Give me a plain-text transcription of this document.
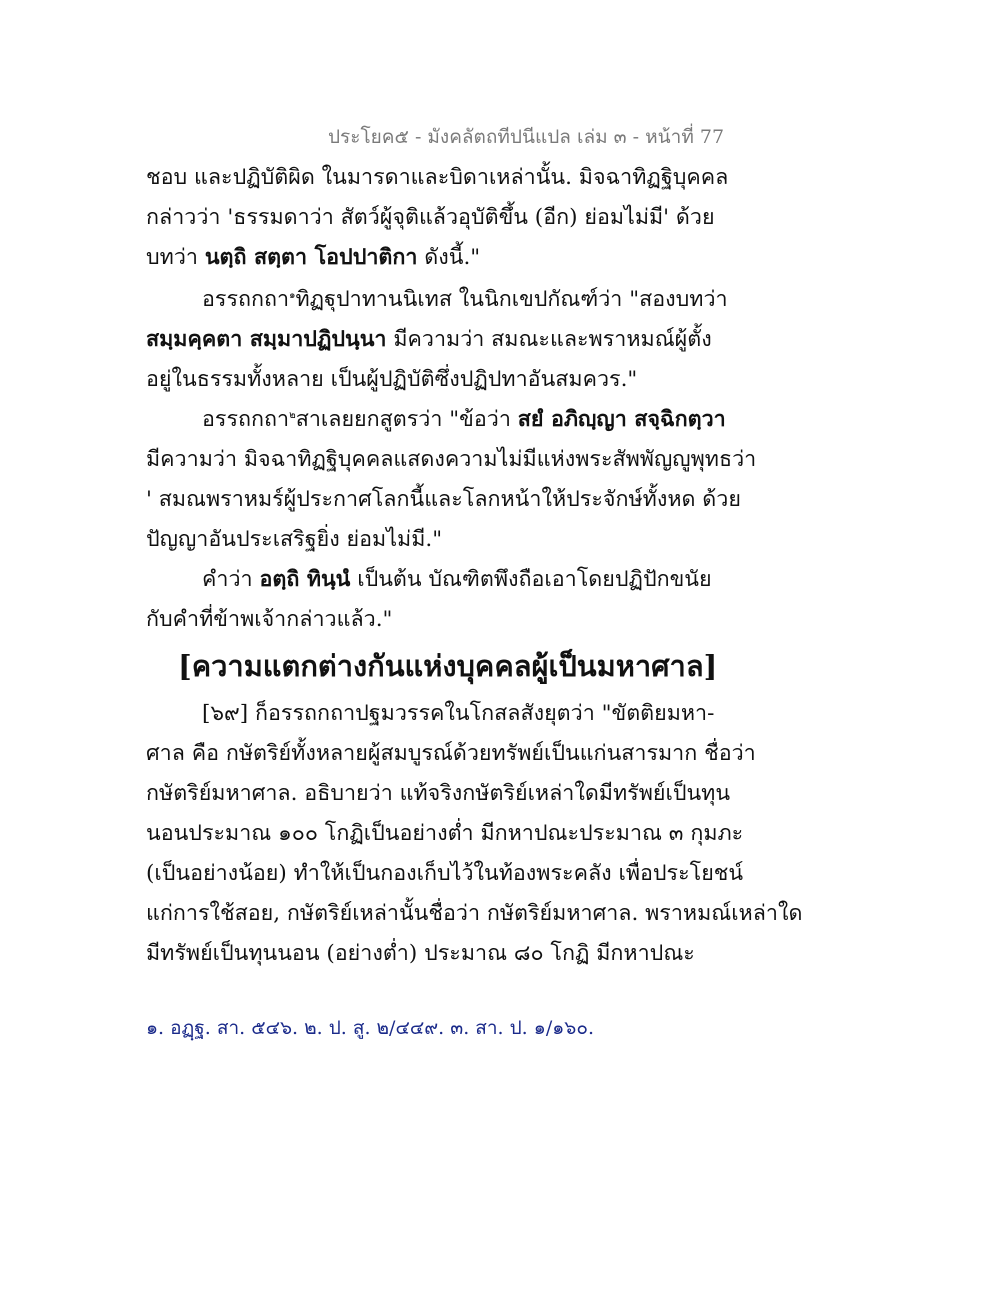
ประโยค๕ - มังคลัตถทีปนีแปล เล่ม ๓ - หน้าที่ 77
ชอบ และปฏิบัติผิด ในมารดาและบิดาเหล่านั้น. มิจฉาทิฏฐิบุคคล
กล่าวว่า 'ธรรมดาว่า สัตว์ผู้จุติแล้วอุบัติขึ้น (อีก) ย่อมไม่มี' ด้วย
บทว่า นตฺถิ สตฺตา โอปปาติกา ดังนี้."
อรรถกถา$^๑$ทิฏฐุปาทานนิเทส ในนิกเขปกัณฑ์ว่า "สองบทว่า
สมฺมคฺคตา สมฺมาปฏิปนฺนา มีความว่า สมณะและพราหมณ์ผู้ตั้ง
อยู่ในธรรมทั้งหลาย เป็นผู้ปฏิบัติซึ่งปฏิปทาอันสมควร."
อรรถกถา$^๒$สาเลยยกสูตรว่า "ข้อว่า สยํ อภิญฺญา สจฺฉิกตฺวา
มีความว่า มิจฉาทิฏฐิบุคคลแสดงความไม่มีแห่งพระสัพพัญญูพุทธว่า
' สมณพราหมร์ผู้ประกาศโลกนี้และโลกหน้าให้ประจักษ์ทั้งหด ด้วย
ปัญญาอันประเสริฐยิ่ง ย่อมไม่มี."
คำว่า อตฺถิ ทินฺนํ เป็นต้น บัณฑิตพึงถือเอาโดยปฏิปักขนัย
กับคำที่ข้าพเจ้ากล่าวแล้ว."
[ความแตกต่างกันแห่งบุคคลผู้เป็นมหาศาล]
[๖๙] ก็อรรถกถาปฐมวรรคในโกสลสังยุตว่า "ขัตติยมหา-
ศาล คือ กษัตริย์ทั้งหลายผู้สมบูรณ์ด้วยทรัพย์เป็นแก่นสารมาก ชื่อว่า
กษัตริย์มหาศาล. อธิบายว่า แท้จริงกษัตริย์เหล่าใดมีทรัพย์เป็นทุน
นอนประมาณ ๑๐๐ โกฏิเป็นอย่างต่ำ มีกหาปณะประมาณ ๓ กุมภะ
(เป็นอย่างน้อย) ทำให้เป็นกองเก็บไว้ในท้องพระคลัง เพื่อประโยชน์
แก่การใช้สอย, กษัตริย์เหล่านั้นชื่อว่า กษัตริย์มหาศาล. พราหมณ์เหล่าใด
มีทรัพย์เป็นทุนนอน (อย่างต่ำ) ประมาณ ๘๐ โกฏิ มีกหาปณะ
๑. อฏฺฐ. สา. ๕๔๖. ๒. ป. สู. ๒/๔๔๙. ๓. สา. ป. ๑/๑๖๐.
